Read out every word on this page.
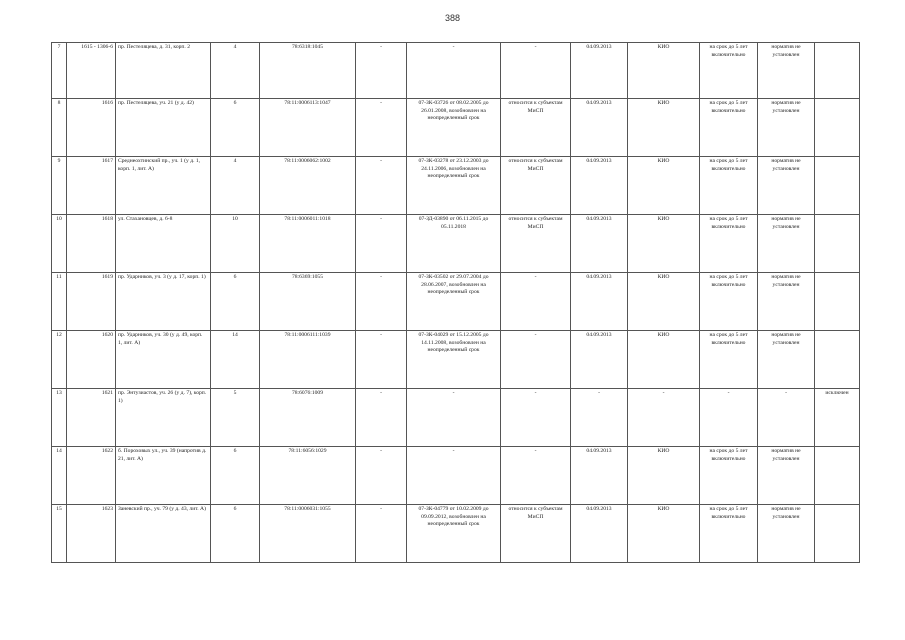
388
7	1615 - 1306-6	пр. Пестеляцева, д. 31, корп. 2	4	78:6318:1045	-	-	-	04.09.2013	КИО	на срок до 5 лет включительно	норматив не установлен	
8	1616	пр. Пестеляцева, уч. 21 (у д. 42)	6	78:11:0006113:1047	-	07-ЗК-03726 от 08.02.2005 до 26.01.2008, возобновлен на неопределенный срок	относится к субъектам МиСП	04.09.2013	КИО	на срок до 5 лет включительно	норматив не установлен	
9	1617	Среднеохтинский пр., уч. 1 (у д. 1, корп. 1, лит. А)	4	78:11:0006062:1002	-	07-ЗК-03278 от 23.12.2003 до 24.11.2006, возобновлен на неопределенный срок	относится к субъектам МиСП	04.09.2013	КИО	на срок до 5 лет включительно	норматив не установлен	
10	1618	ул. Стахановцев, д. 6-8	10	78:11:0006011:1018	-	07-ЗД-03890 от 06.11.2015 до 05.11.2018	относится к субъектам МиСП	04.09.2013	КИО	на срок до 5 лет включительно	норматив не установлен	
11	1619	пр. Ударников, уч. 3 (у д. 17, корп. 1)	6	78:6369:1055	-	07-ЗК-03502 от 29.07.2004 до 28.06.2007, возобновлен на неопределенный срок	-	04.09.2013	КИО	на срок до 5 лет включительно	норматив не установлен	
12	1620	пр. Ударников, уч. 30 (у д. 49, корп. 1, лит. А)	14	78:11:0006111:1039	-	07-ЗК-04029 от 15.12.2005 до 14.11.2008, возобновлен на неопределенный срок	-	04.09.2013	КИО	на срок до 5 лет включительно	норматив не установлен	
13	1621	пр. Энтузиастов, уч. 26 (у д. 7), корп. 1)	5	78:6076:1009	-	-	-	-	-	-	-	исключен
14	1622	б. Пороховых ул., уч. 39 (напротив д. 21, лит. А)	6	78:11:6056:1029	-	-	-	04.09.2013	КИО	на срок до 5 лет включительно	норматив не установлен	
15	1623	Заневский пр., уч. 79 (у д. 43, лит. А)	6	78:11:0006031:1055	-	07-ЗК-04779 от 10.02.2009 до 09.09.2012, возобновлен на неопределенный срок	относится к субъектам МиСП	04.09.2013	КИО	на срок до 5 лет включительно	норматив не установлен	
